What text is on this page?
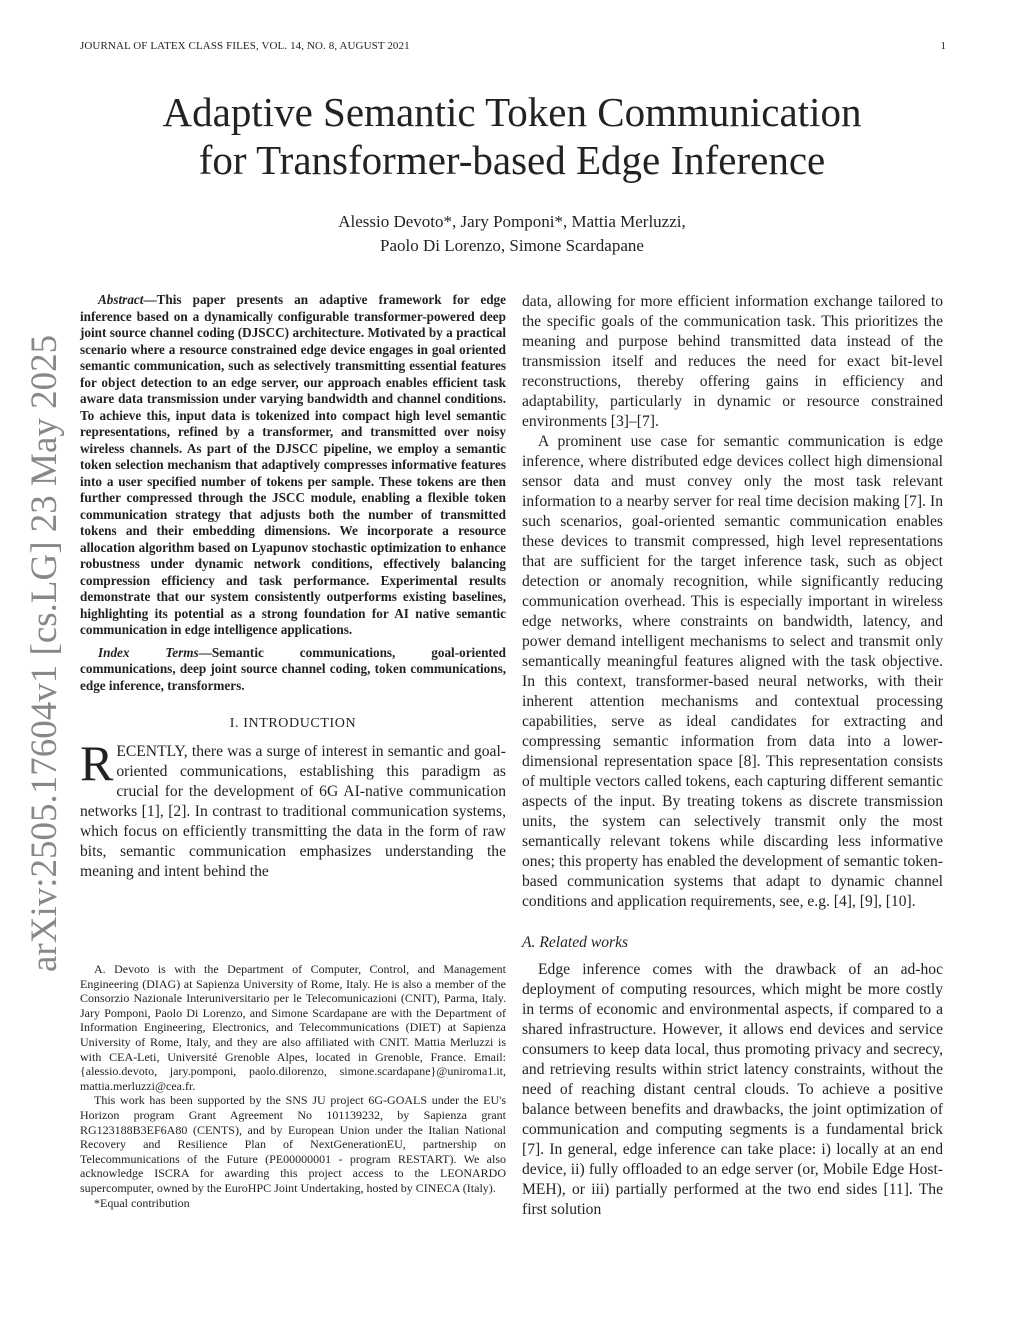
JOURNAL OF LATEX CLASS FILES, VOL. 14, NO. 8, AUGUST 2021	1
arXiv:2505.17604v1 [cs.LG] 23 May 2025
Adaptive Semantic Token Communication
for Transformer-based Edge Inference
Alessio Devoto*, Jary Pomponi*, Mattia Merluzzi,
Paolo Di Lorenzo, Simone Scardapane

Abstract—This paper presents an adaptive framework for edge inference based on a dynamically configurable transformer-powered deep joint source channel coding (DJSCC) architecture. Motivated by a practical scenario where a resource constrained edge device engages in goal oriented semantic communication, such as selectively transmitting essential features for object detection to an edge server, our approach enables efficient task aware data transmission under varying bandwidth and channel conditions. To achieve this, input data is tokenized into compact high level semantic representations, refined by a transformer, and transmitted over noisy wireless channels. As part of the DJSCC pipeline, we employ a semantic token selection mechanism that adaptively compresses informative features into a user specified number of tokens per sample. These tokens are then further compressed through the JSCC module, enabling a flexible token communication strategy that adjusts both the number of transmitted tokens and their embedding dimensions. We incorporate a resource allocation algorithm based on Lyapunov stochastic optimization to enhance robustness under dynamic network conditions, effectively balancing compression efficiency and task performance. Experimental results demonstrate that our system consistently outperforms existing baselines, highlighting its potential as a strong foundation for AI native semantic communication in edge intelligence applications.

Index Terms—Semantic communications, goal-oriented communications, deep joint source channel coding, token communications, edge inference, transformers.

I. INTRODUCTION

RECENTLY, there was a surge of interest in semantic and goal-oriented communications, establishing this paradigm as crucial for the development of 6G AI-native communication networks [1], [2]. In contrast to traditional communication systems, which focus on efficiently transmitting the data in the form of raw bits, semantic communication emphasizes understanding the meaning and intent behind the

A. Devoto is with the Department of Computer, Control, and Management Engineering (DIAG) at Sapienza University of Rome, Italy. He is also a member of the Consorzio Nazionale Interuniversitario per le Telecomunicazioni (CNIT), Parma, Italy. Jary Pomponi, Paolo Di Lorenzo, and Simone Scardapane are with the Department of Information Engineering, Electronics, and Telecommunications (DIET) at Sapienza University of Rome, Italy, and they are also affiliated with CNIT. Mattia Merluzzi is with CEA-Leti, Université Grenoble Alpes, located in Grenoble, France. Email:{alessio.devoto, jary.pomponi, paolo.dilorenzo, simone.scardapane}@uniroma1.it, mattia.merluzzi@cea.fr.

This work has been supported by the SNS JU project 6G-GOALS under the EU's Horizon program Grant Agreement No 101139232, by Sapienza grant RG123188B3EF6A80 (CENTS), and by European Union under the Italian National Recovery and Resilience Plan of NextGenerationEU, partnership on Telecommunications of the Future (PE00000001 - program RESTART). We also acknowledge ISCRA for awarding this project access to the LEONARDO supercomputer, owned by the EuroHPC Joint Undertaking, hosted by CINECA (Italy).

*Equal contribution

data, allowing for more efficient information exchange tailored to the specific goals of the communication task. This prioritizes the meaning and purpose behind transmitted data instead of the transmission itself and reduces the need for exact bit-level reconstructions, thereby offering gains in efficiency and adaptability, particularly in dynamic or resource constrained environments [3]–[7].

A prominent use case for semantic communication is edge inference, where distributed edge devices collect high dimensional sensor data and must convey only the most task relevant information to a nearby server for real time decision making [7]. In such scenarios, goal-oriented semantic communication enables these devices to transmit compressed, high level representations that are sufficient for the target inference task, such as object detection or anomaly recognition, while significantly reducing communication overhead. This is especially important in wireless edge networks, where constraints on bandwidth, latency, and power demand intelligent mechanisms to select and transmit only semantically meaningful features aligned with the task objective. In this context, transformer-based neural networks, with their inherent attention mechanisms and contextual processing capabilities, serve as ideal candidates for extracting and compressing semantic information from data into a lower-dimensional representation space [8]. This representation consists of multiple vectors called tokens, each capturing different semantic aspects of the input. By treating tokens as discrete transmission units, the system can selectively transmit only the most semantically relevant tokens while discarding less informative ones; this property has enabled the development of semantic token-based communication systems that adapt to dynamic channel conditions and application requirements, see, e.g. [4], [9], [10].

A. Related works

Edge inference comes with the drawback of an ad-hoc deployment of computing resources, which might be more costly in terms of economic and environmental aspects, if compared to a shared infrastructure. However, it allows end devices and service consumers to keep data local, thus promoting privacy and secrecy, and retrieving results within strict latency constraints, without the need of reaching distant central clouds. To achieve a positive balance between benefits and drawbacks, the joint optimization of communication and computing segments is a fundamental brick [7]. In general, edge inference can take place: i) locally at an end device, ii) fully offloaded to an edge server (or, Mobile Edge Host-MEH), or iii) partially performed at the two end sides [11]. The first solution
